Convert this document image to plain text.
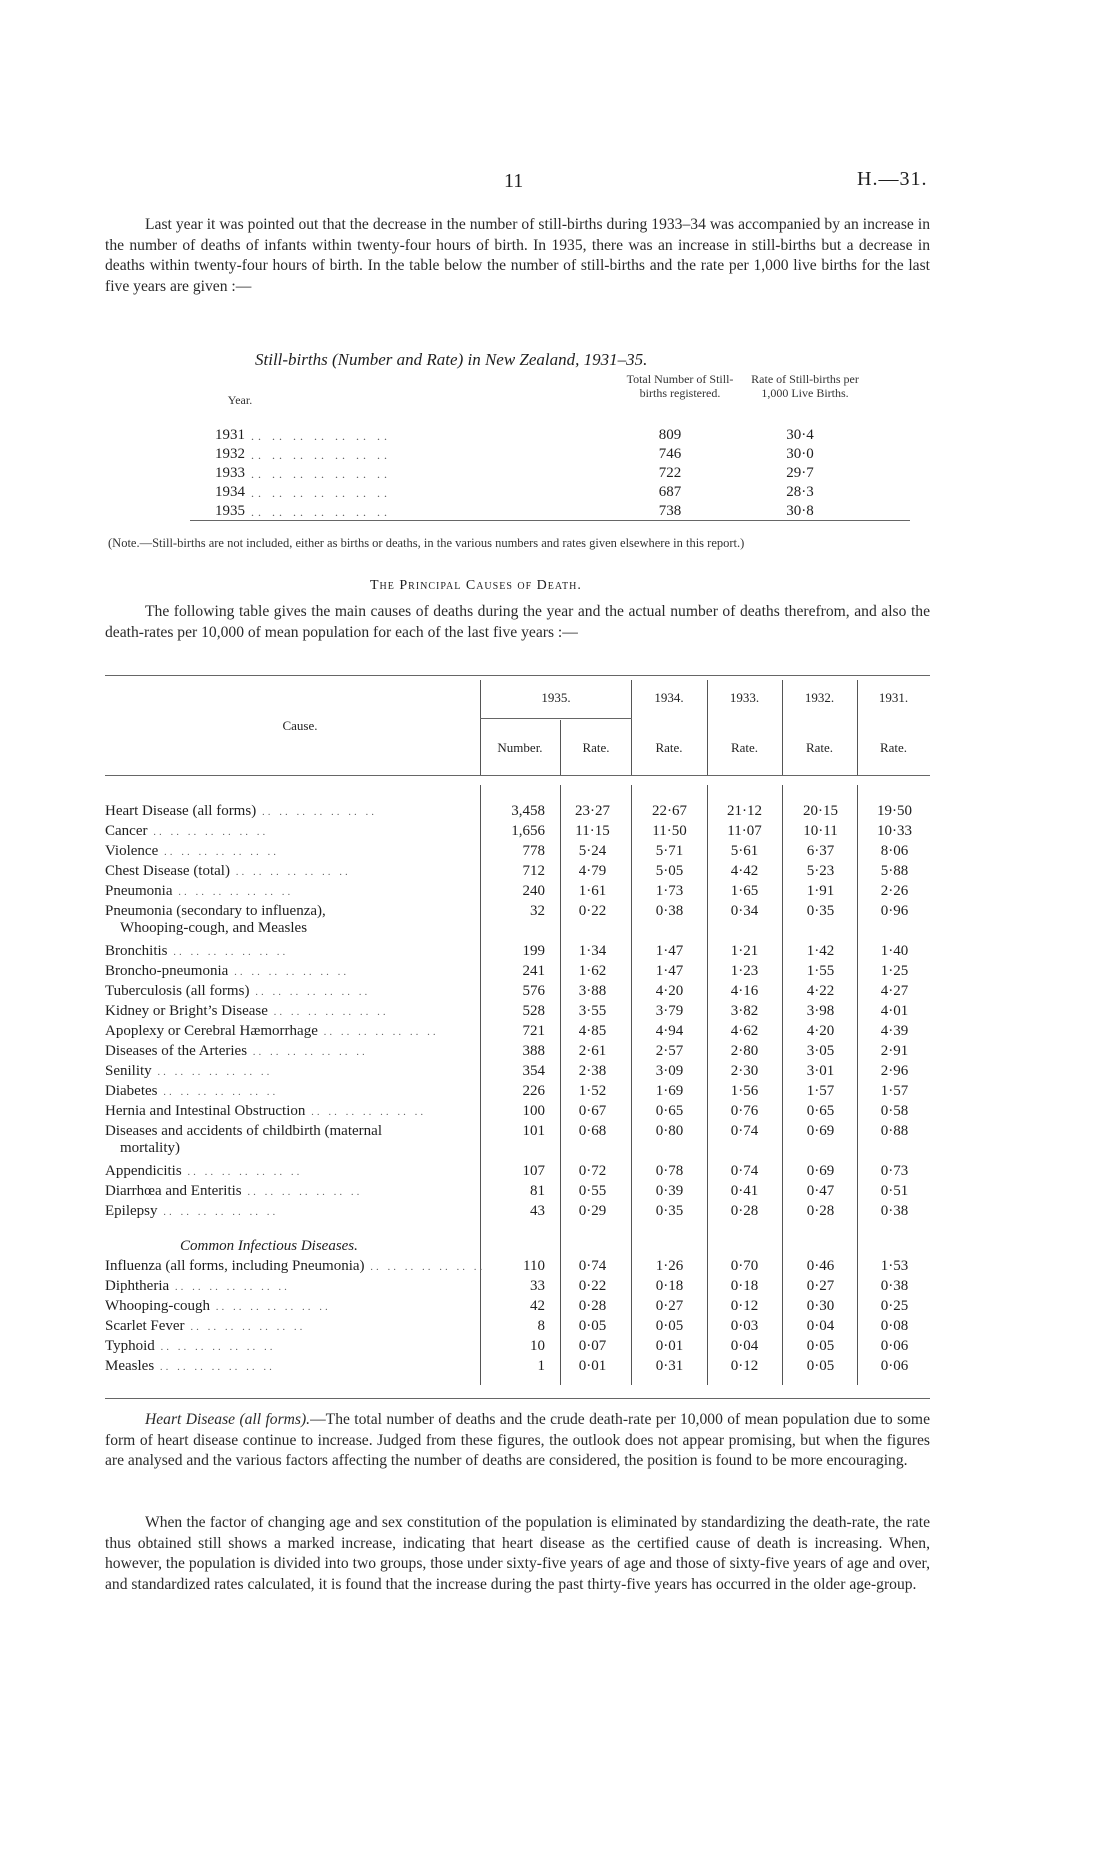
11	H.—31.
Last year it was pointed out that the decrease in the number of still-births during 1933–34 was accompanied by an increase in the number of deaths of infants within twenty-four hours of birth. In 1935, there was an increase in still-births but a decrease in deaths within twenty-four hours of birth. In the table below the number of still-births and the rate per 1,000 live births for the last five years are given :—
Still-births (Number and Rate) in New Zealand, 1931–35.
Year.
Total Number of Still-births registered.
Rate of Still-births per 1,000 Live Births.
1931 .. .. .. .. .. .. ..	809	30·4
1932 .. .. .. .. .. .. ..	746	30·0
1933 .. .. .. .. .. .. ..	722	29·7
1934 .. .. .. .. .. .. ..	687	28·3
1935 .. .. .. .. .. .. ..	738	30·8
(Note.—Still-births are not included, either as births or deaths, in the various numbers and rates given elsewhere in this report.)
The Principal Causes of Death.
The following table gives the main causes of deaths during the year and the actual number of deaths therefrom, and also the death-rates per 10,000 of mean population for each of the last five years :—
Cause.
1935.	1934.	1933.	1932.	1931.
Number.	Rate.	Rate.	Rate.	Rate.	Rate.
Heart Disease (all forms) .. .. .. .. .. .. ..	3,458	23·27	22·67	21·12	20·15	19·50
Cancer .. .. .. .. .. .. ..	1,656	11·15	11·50	11·07	10·11	10·33
Violence .. .. .. .. .. .. ..	778	5·24	5·71	5·61	6·37	8·06
Chest Disease (total) .. .. .. .. .. .. ..	712	4·79	5·05	4·42	5·23	5·88
Pneumonia .. .. .. .. .. .. ..	240	1·61	1·73	1·65	1·91	2·26
Pneumonia (secondary to influenza),	32	0·22	0·38	0·34	0·35	0·96
Whooping-cough, and Measles
Bronchitis .. .. .. .. .. .. ..	199	1·34	1·47	1·21	1·42	1·40
Broncho-pneumonia .. .. .. .. .. .. ..	241	1·62	1·47	1·23	1·55	1·25
Tuberculosis (all forms) .. .. .. .. .. .. ..	576	3·88	4·20	4·16	4·22	4·27
Kidney or Bright’s Disease .. .. .. .. .. .. ..	528	3·55	3·79	3·82	3·98	4·01
Apoplexy or Cerebral Hæmorrhage .. .. .. .. .. .. ..	721	4·85	4·94	4·62	4·20	4·39
Diseases of the Arteries .. .. .. .. .. .. ..	388	2·61	2·57	2·80	3·05	2·91
Senility .. .. .. .. .. .. ..	354	2·38	3·09	2·30	3·01	2·96
Diabetes .. .. .. .. .. .. ..	226	1·52	1·69	1·56	1·57	1·57
Hernia and Intestinal Obstruction .. .. .. .. .. .. ..	100	0·67	0·65	0·76	0·65	0·58
Diseases and accidents of childbirth (maternal	101	0·68	0·80	0·74	0·69	0·88
mortality)
Appendicitis .. .. .. .. .. .. ..	107	0·72	0·78	0·74	0·69	0·73
Diarrhœa and Enteritis .. .. .. .. .. .. ..	81	0·55	0·39	0·41	0·47	0·51
Epilepsy .. .. .. .. .. .. ..	43	0·29	0·35	0·28	0·28	0·38
Common Infectious Diseases.
Influenza (all forms, including Pneumonia) .. .. .. .. .. .. ..	110	0·74	1·26	0·70	0·46	1·53
Diphtheria .. .. .. .. .. .. ..	33	0·22	0·18	0·18	0·27	0·38
Whooping-cough .. .. .. .. .. .. ..	42	0·28	0·27	0·12	0·30	0·25
Scarlet Fever .. .. .. .. .. .. ..	8	0·05	0·05	0·03	0·04	0·08
Typhoid .. .. .. .. .. .. ..	10	0·07	0·01	0·04	0·05	0·06
Measles .. .. .. .. .. .. ..	1	0·01	0·31	0·12	0·05	0·06
Heart Disease (all forms).—The total number of deaths and the crude death-rate per 10,000 of mean population due to some form of heart disease continue to increase. Judged from these figures, the outlook does not appear promising, but when the figures are analysed and the various factors affecting the number of deaths are considered, the position is found to be more encouraging.
When the factor of changing age and sex constitution of the population is eliminated by standardizing the death-rate, the rate thus obtained still shows a marked increase, indicating that heart disease as the certified cause of death is increasing. When, however, the population is divided into two groups, those under sixty-five years of age and those of sixty-five years of age and over, and standardized rates calculated, it is found that the increase during the past thirty-five years has occurred in the older age-group.
